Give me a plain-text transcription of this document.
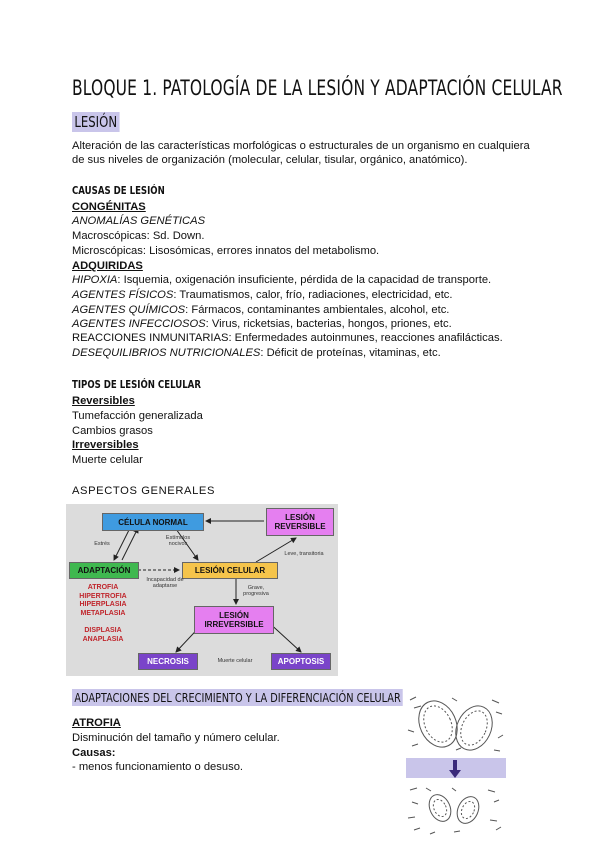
BLOQUE 1. PATOLOGÍA DE LA LESIÓN Y ADAPTACIÓN CELULAR
LESIÓN
Alteración de las características morfológicas o estructurales de un organismo en cualquiera
de sus niveles de organización (molecular, celular, tisular, orgánico, anatómico).
CAUSAS DE LESIÓN
CONGÉNITAS
ANOMALÍAS GENÉTICAS
Macroscópicas: Sd. Down.
Microscópicas: Lisosómicas, errores innatos del metabolismo.
ADQUIRIDAS
HIPOXIA: Isquemia, oxigenación insuficiente, pérdida de la capacidad de transporte.
AGENTES FÍSICOS: Traumatismos, calor, frío, radiaciones, electricidad, etc.
AGENTES QUÍMICOS: Fármacos, contaminantes ambientales, alcohol, etc.
AGENTES INFECCIOSOS: Virus, ricketsias, bacterias, hongos, priones, etc.
REACCIONES INMUNITARIAS: Enfermedades autoinmunes, reacciones anafilácticas.
DESEQUILIBRIOS NUTRICIONALES: Déficit de proteínas, vitaminas, etc.
TIPOS DE LESIÓN CELULAR
Reversibles
Tumefacción generalizada
Cambios grasos
Irreversibles
Muerte celular
ASPECTOS GENERALES
CÉLULA NORMAL	LESIÓN REVERSIBLE
ADAPTACIÓN	LESIÓN CELULAR
LESIÓN IRREVERSIBLE
NECROSIS	APOPTOSIS
Muerte celular
Estrés
Estímulos nocivos
Incapacidad de adaptarse
Leve, transitoria
Grave, progresiva
ATROFIA
HIPERTROFIA
HIPERPLASIA
METAPLASIA
DISPLASIA
ANAPLASIA
ADAPTACIONES DEL CRECIMIENTO Y LA DIFERENCIACIÓN CELULAR
ATROFIA
Disminución del tamaño y número celular.
Causas:
- menos funcionamiento o desuso.
